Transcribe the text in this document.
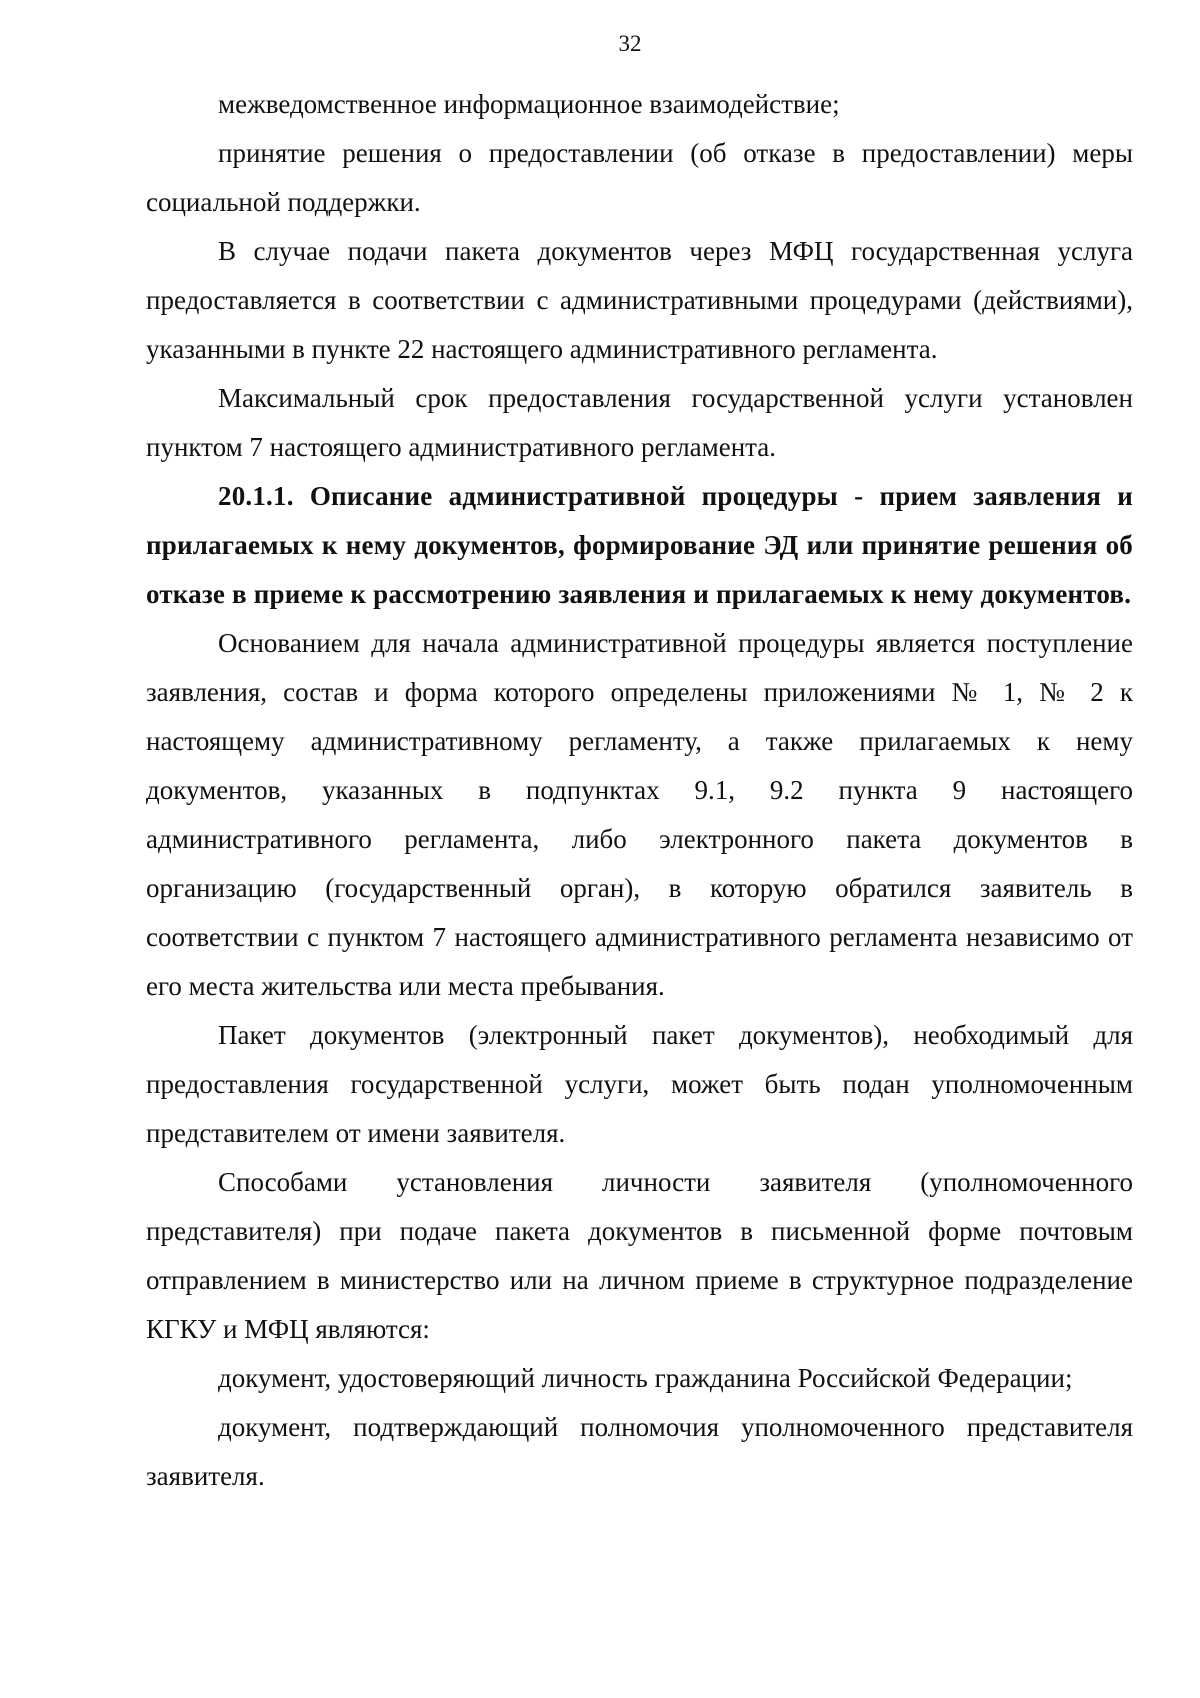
32

межведомственное информационное взаимодействие;

принятие решения о предоставлении (об отказе в предоставлении) меры социальной поддержки.

В случае подачи пакета документов через МФЦ государственная услуга предоставляется в соответствии с административными процедурами (действиями), указанными в пункте 22 настоящего административного регламента.

Максимальный срок предоставления государственной услуги установлен пунктом 7 настоящего административного регламента.

20.1.1. Описание административной процедуры - прием заявления и прилагаемых к нему документов, формирование ЭД или принятие решения об отказе в приеме к рассмотрению заявления и прилагаемых к нему документов.

Основанием для начала административной процедуры является поступление заявления, состав и форма которого определены приложениями № 1, № 2 к настоящему административному регламенту, а также прилагаемых к нему документов, указанных в подпунктах 9.1, 9.2 пункта 9 настоящего административного регламента, либо электронного пакета документов в организацию (государственный орган), в которую обратился заявитель в соответствии с пунктом 7 настоящего административного регламента независимо от его места жительства или места пребывания.

Пакет документов (электронный пакет документов), необходимый для предоставления государственной услуги, может быть подан уполномоченным представителем от имени заявителя.

Способами установления личности заявителя (уполномоченного представителя) при подаче пакета документов в письменной форме почтовым отправлением в министерство или на личном приеме в структурное подразделение КГКУ и МФЦ являются:

документ, удостоверяющий личность гражданина Российской Федерации;

документ, подтверждающий полномочия уполномоченного представителя заявителя.
